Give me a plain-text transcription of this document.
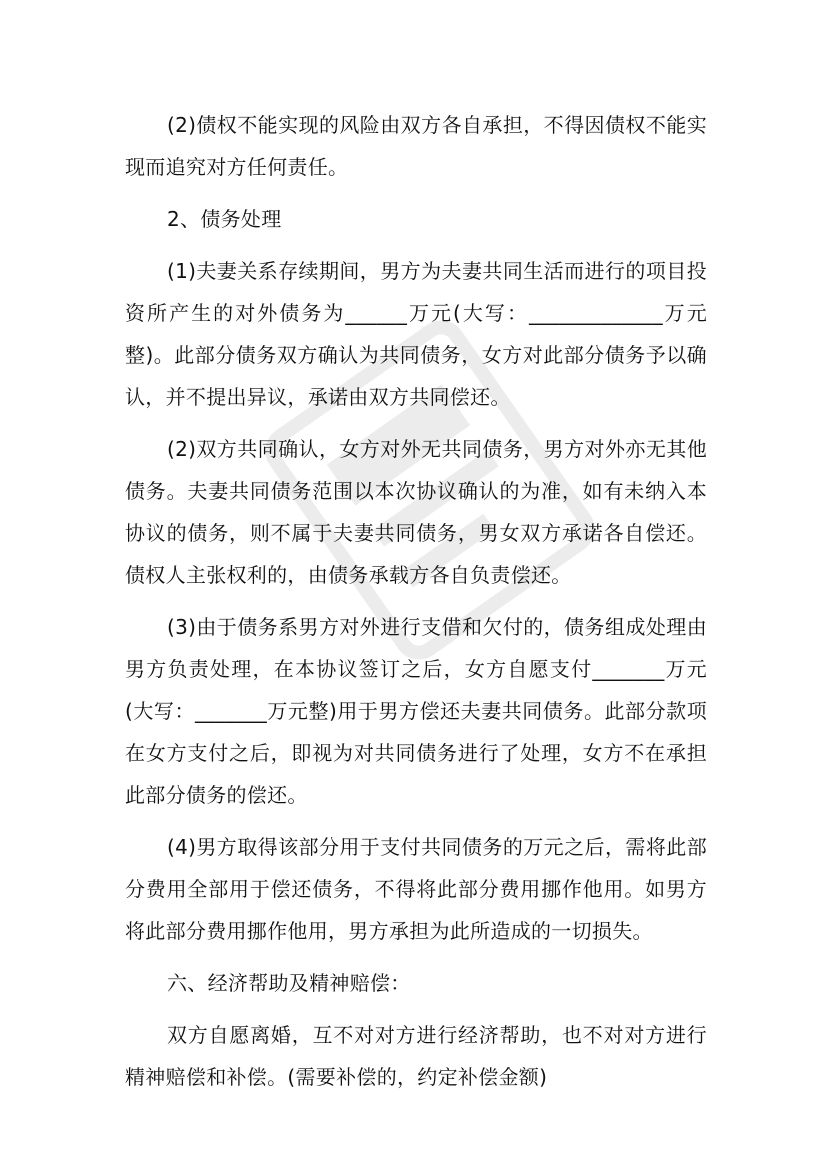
(2)债权不能实现的风险由双方各自承担，不得因债权不能实现而追究对方任何责任。

2、债务处理

(1)夫妻关系存续期间，男方为夫妻共同生活而进行的项目投资所产生的对外债务为______万元(大写：_____________万元整)。此部分债务双方确认为共同债务，女方对此部分债务予以确认，并不提出异议，承诺由双方共同偿还。

(2)双方共同确认，女方对外无共同债务，男方对外亦无其他债务。夫妻共同债务范围以本次协议确认的为准，如有未纳入本协议的债务，则不属于夫妻共同债务，男女双方承诺各自偿还。债权人主张权利的，由债务承载方各自负责偿还。

(3)由于债务系男方对外进行支借和欠付的，债务组成处理由男方负责处理，在本协议签订之后，女方自愿支付_______万元(大写：_______万元整)用于男方偿还夫妻共同债务。此部分款项在女方支付之后，即视为对共同债务进行了处理，女方不在承担此部分债务的偿还。

(4)男方取得该部分用于支付共同债务的万元之后，需将此部分费用全部用于偿还债务，不得将此部分费用挪作他用。如男方将此部分费用挪作他用，男方承担为此所造成的一切损失。

六、经济帮助及精神赔偿：

双方自愿离婚，互不对对方进行经济帮助，也不对对方进行精神赔偿和补偿。(需要补偿的，约定补偿金额)
